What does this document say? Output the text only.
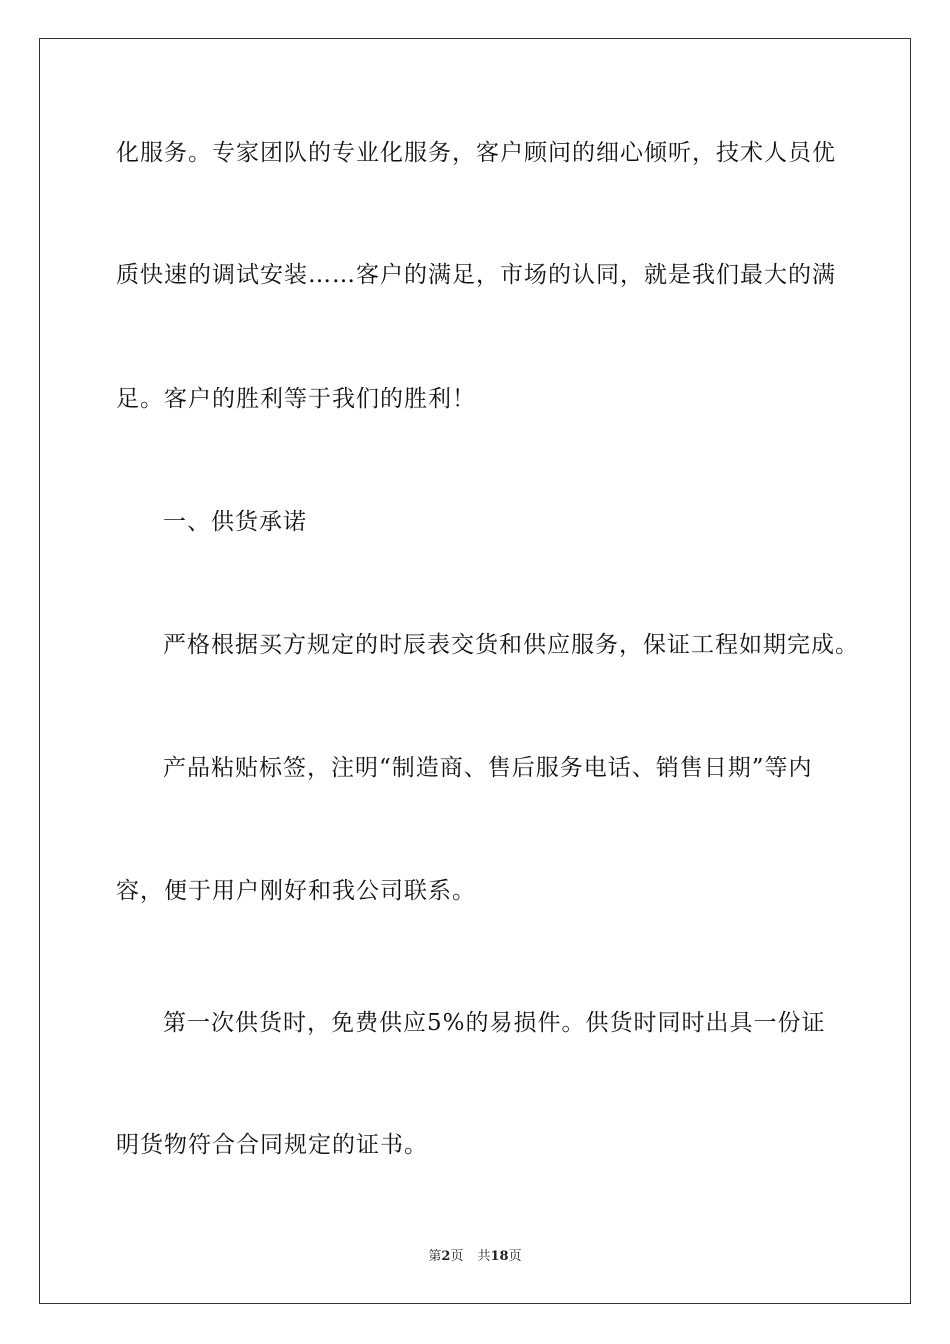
化服务。专家团队的专业化服务，客户顾问的细心倾听，技术人员优
质快速的调试安装……客户的满足，市场的认同，就是我们最大的满
足。客户的胜利等于我们的胜利！
一、供货承诺
严格根据买方规定的时辰表交货和供应服务，保证工程如期完成。
产品粘贴标签，注明“制造商、售后服务电话、销售日期”等内
容，便于用户刚好和我公司联系。
第一次供货时，免费供应5%的易损件。供货时同时出具一份证
明货物符合合同规定的证书。
第2页 共18页
